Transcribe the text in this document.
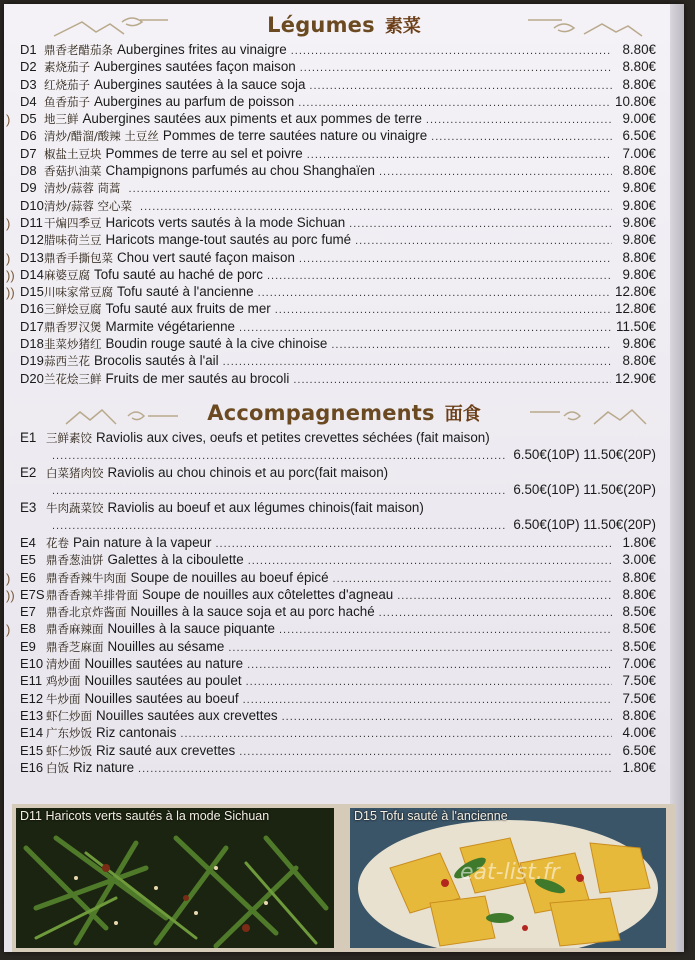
Légumes 素菜
D1 鼎香老醋茄条 Aubergines frites au vinaigre .....	8.80€
D2 素烧茄子 Aubergines sautées façon maison .....	8.80€
D3 红烧茄子 Aubergines sautées à la sauce soja .....	8.80€
D4 鱼香茄子 Aubergines au parfum de poisson .....	10.80€
) D5 地三鲜 Aubergines sautées aux piments et aux pommes de terre .....	9.00€
D6 清炒/醋溜/酸辣 土豆丝 Pommes de terre sautées nature ou vinaigre .....	6.50€
D7 椒盐土豆块 Pommes de terre au sel et poivre .....	7.00€
D8 香菇扒油菜 Champignons parfumés au chou Shanghaïen .....	8.80€
D9 清炒/蒜蓉 茼蒿 .....	9.80€
D10 清炒/蒜蓉 空心菜 .....	9.80€
) D11 干煸四季豆 Haricots verts sautés à la mode Sichuan .....	9.80€
D12 腊味荷兰豆 Haricots mange-tout sautés au porc fumé .....	9.80€
) D13 鼎香手撕包菜 Chou vert sauté façon maison .....	8.80€
)) D14 麻婆豆腐 Tofu sauté au haché de porc .....	9.80€
)) D15 川味家常豆腐 Tofu sauté à l'ancienne .....	12.80€
D16 三鲜烩豆腐 Tofu sauté aux fruits de mer .....	12.80€
D17 鼎香罗汉煲 Marmite végétarienne .....	11.50€
D18 韭菜炒猪红 Boudin rouge sauté à la cive chinoise .....	9.80€
D19 蒜西兰花 Brocolis sautés à l'ail .....	8.80€
D20 兰花烩三鲜 Fruits de mer sautés au brocoli .....	12.90€
Accompagnements 面食
E1 三鲜素饺 Raviolis aux cives, oeufs et petites crevettes séchées (fait maison)
.....
6.50€(10P) 11.50€(20P)
E2 白菜猪肉饺 Raviolis au chou chinois et au porc(fait maison)
.....
6.50€(10P) 11.50€(20P)
E3 牛肉蔬菜饺 Raviolis au boeuf et aux légumes chinois(fait maison)
.....
6.50€(10P) 11.50€(20P)
E4 花卷 Pain nature à la vapeur .....	1.80€
E5 鼎香葱油饼 Galettes à la ciboulette .....	3.00€
) E6 鼎香香辣牛肉面 Soupe de nouilles au boeuf épicé .....	8.80€
)) E7S 鼎香香辣羊排骨面 Soupe de nouilles aux côtelettes d'agneau .....	8.80€
E7 鼎香北京炸酱面 Nouilles à la sauce soja et au porc haché .....	8.50€
) E8 鼎香麻辣面 Nouilles à la sauce piquante .....	8.50€
E9 鼎香芝麻面 Nouilles au sésame .....	8.50€
E10 清炒面 Nouilles sautées au nature .....	7.00€
E11 鸡炒面 Nouilles sautées au poulet .....	7.50€
E12 牛炒面 Nouilles sautées au boeuf .....	7.50€
E13 虾仁炒面 Nouilles sautées aux crevettes .....	8.80€
E14 广东炒饭 Riz cantonais .....	4.00€
E15 虾仁炒饭 Riz sauté aux crevettes .....	6.50€
E16 白饭 Riz nature .....	1.80€
D11 Haricots verts sautés à la mode Sichuan	D15 Tofu sauté à l'ancienne
eat-list.fr
